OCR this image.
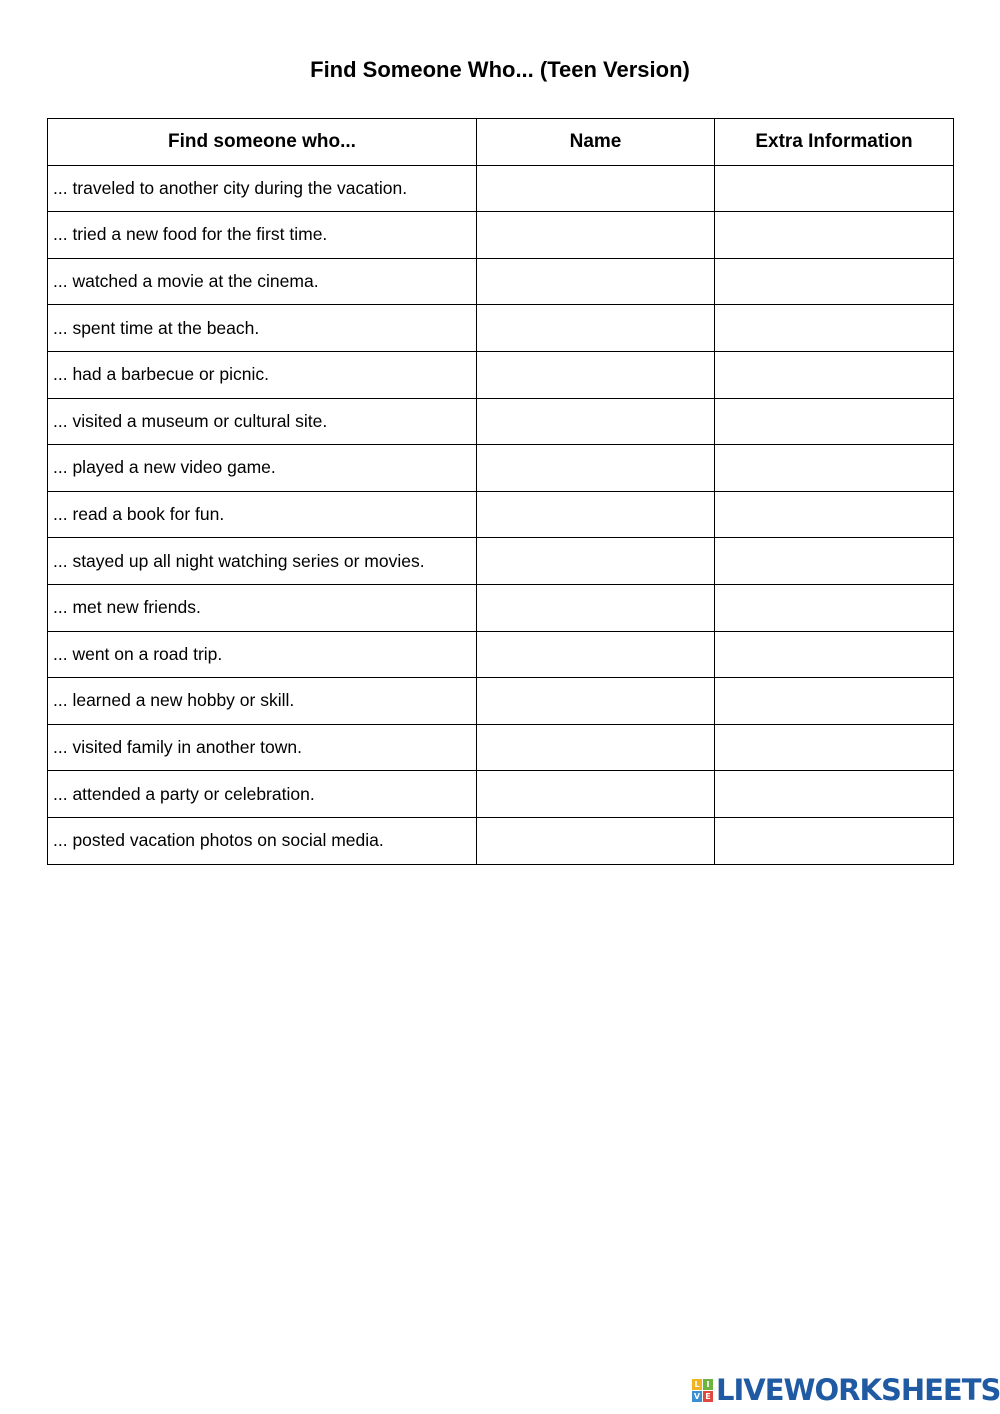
Find Someone Who... (Teen Version)
Find someone who...	Name	Extra Information
... traveled to another city during the vacation.		
... tried a new food for the first time.		
... watched a movie at the cinema.		
... spent time at the beach.		
... had a barbecue or picnic.		
... visited a museum or cultural site.		
... played a new video game.		
... read a book for fun.		
... stayed up all night watching series or movies.		
... met new friends.		
... went on a road trip.		
... learned a new hobby or skill.		
... visited family in another town.		
... attended a party or celebration.		
... posted vacation photos on social media.		
L I
V E LIVEWORKSHEETS
